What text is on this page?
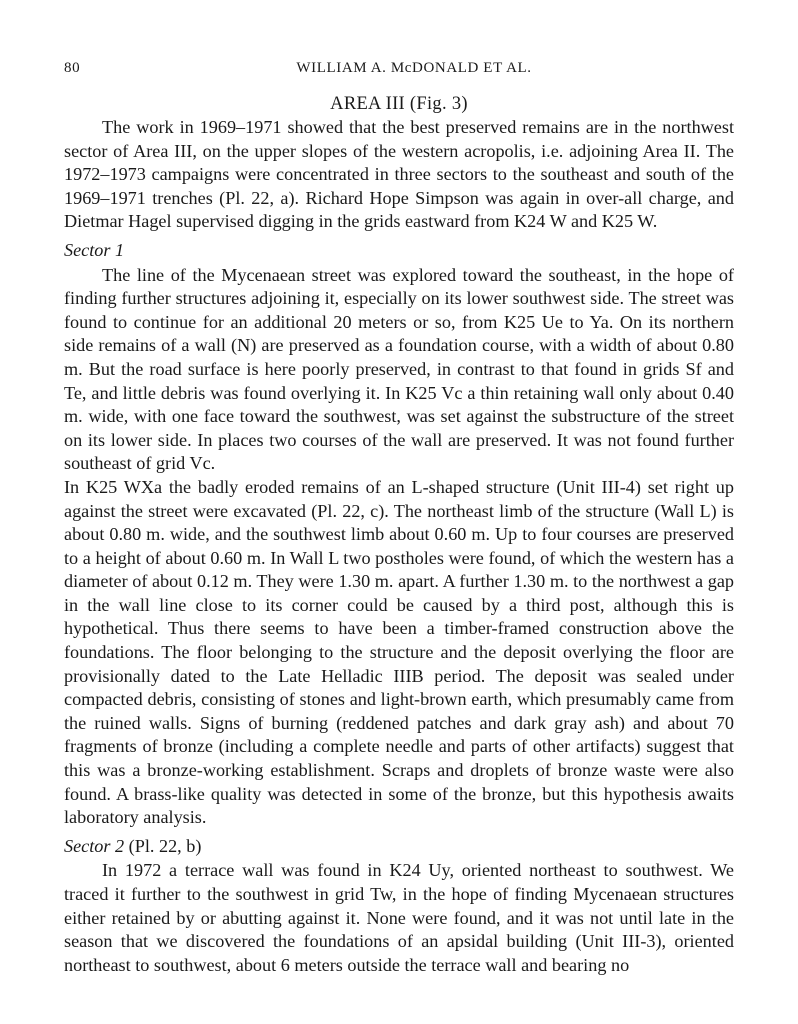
80	WILLIAM A. McDONALD ET AL.
AREA III (Fig. 3)

The work in 1969–1971 showed that the best preserved remains are in the northwest sector of Area III, on the upper slopes of the western acropolis, i.e. adjoining Area II. The 1972–1973 campaigns were concentrated in three sectors to the southeast and south of the 1969–1971 trenches (Pl. 22, a). Richard Hope Simpson was again in over-all charge, and Dietmar Hagel supervised digging in the grids eastward from K24 W and K25 W.

Sector 1

The line of the Mycenaean street was explored toward the southeast, in the hope of finding further structures adjoining it, especially on its lower southwest side. The street was found to continue for an additional 20 meters or so, from K25 Ue to Ya. On its northern side remains of a wall (N) are preserved as a foundation course, with a width of about 0.80 m. But the road surface is here poorly preserved, in contrast to that found in grids Sf and Te, and little debris was found overlying it. In K25 Vc a thin retaining wall only about 0.40 m. wide, with one face toward the southwest, was set against the substructure of the street on its lower side. In places two courses of the wall are preserved. It was not found further southeast of grid Vc.

In K25 WXa the badly eroded remains of an L-shaped structure (Unit III-4) set right up against the street were excavated (Pl. 22, c). The northeast limb of the structure (Wall L) is about 0.80 m. wide, and the southwest limb about 0.60 m. Up to four courses are preserved to a height of about 0.60 m. In Wall L two postholes were found, of which the western has a diameter of about 0.12 m. They were 1.30 m. apart. A further 1.30 m. to the northwest a gap in the wall line close to its corner could be caused by a third post, although this is hypothetical. Thus there seems to have been a timber-framed construction above the foundations. The floor belonging to the structure and the deposit overlying the floor are provisionally dated to the Late Helladic IIIB period. The deposit was sealed under compacted debris, consisting of stones and light-brown earth, which presumably came from the ruined walls. Signs of burning (reddened patches and dark gray ash) and about 70 fragments of bronze (including a complete needle and parts of other artifacts) suggest that this was a bronze-working establishment. Scraps and droplets of bronze waste were also found. A brass-like quality was detected in some of the bronze, but this hypothesis awaits laboratory analysis.

Sector 2 (Pl. 22, b)

In 1972 a terrace wall was found in K24 Uy, oriented northeast to southwest. We traced it further to the southwest in grid Tw, in the hope of finding Mycenaean structures either retained by or abutting against it. None were found, and it was not until late in the season that we discovered the foundations of an apsidal building (Unit III-3), oriented northeast to southwest, about 6 meters outside the terrace wall and bearing no
